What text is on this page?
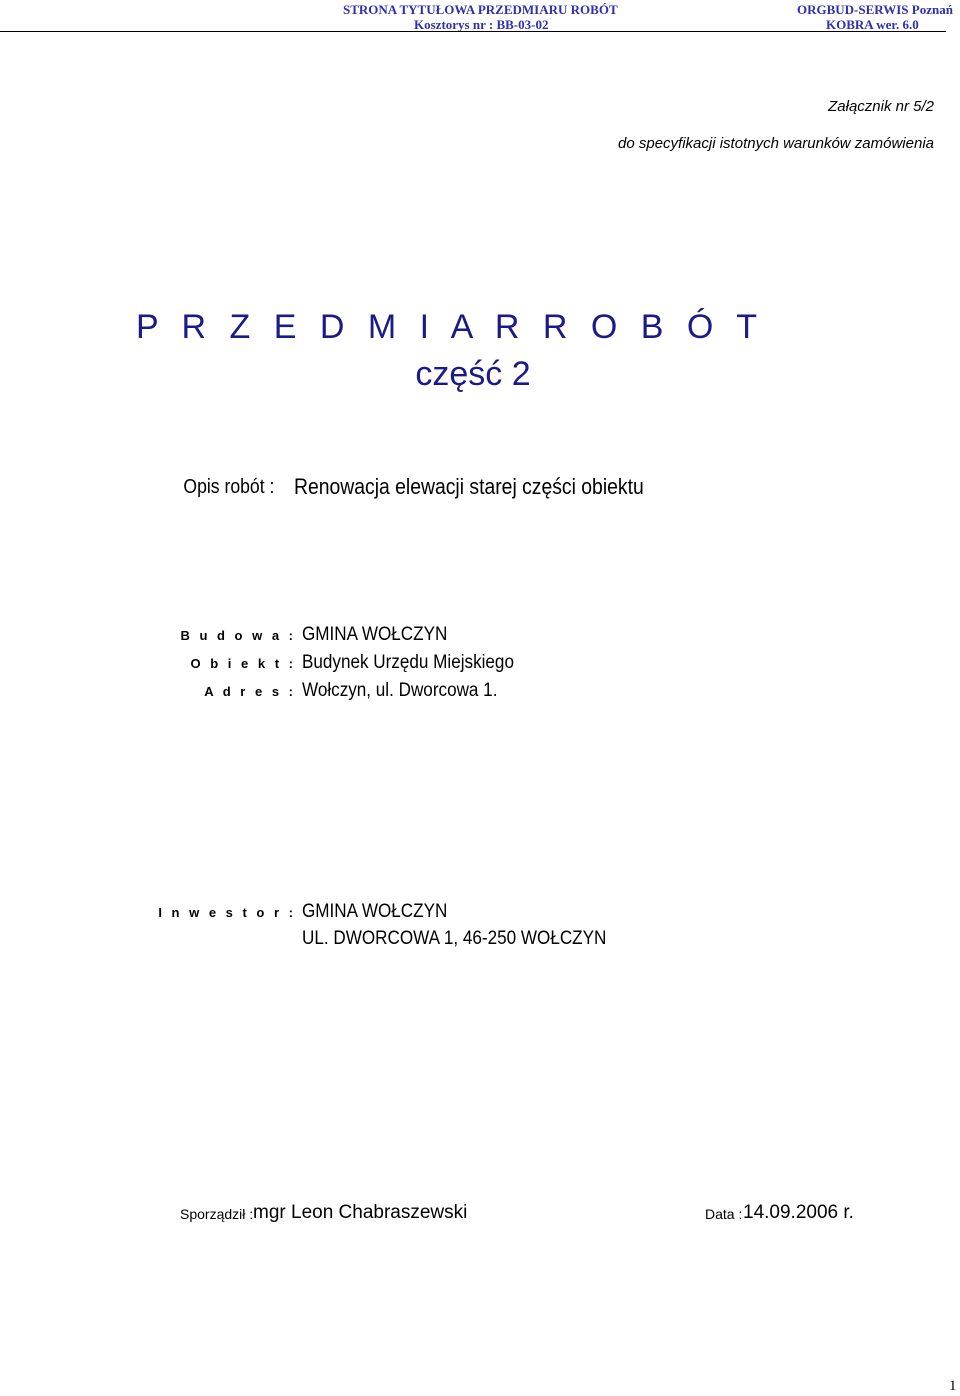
STRONA TYTUŁOWA PRZEDMIARU ROBÓT
Kosztorys nr : BB-03-02
ORGBUD-SERWIS Poznań
KOBRA wer. 6.0
Załącznik nr 5/2
do specyfikacji istotnych warunków zamówienia
P R Z E D M I A R R O B Ó T
część 2
Opis robót : Renowacja elewacji starej części obiektu
B u d o w a : GMINA WOŁCZYN
O b i e k t : Budynek Urzędu Miejskiego
A d r e s : Wołczyn, ul. Dworcowa 1.
I n w e s t o r : GMINA WOŁCZYN
UL. DWORCOWA 1, 46-250 WOŁCZYN
Sporządził : mgr Leon Chabraszewski	Data : 14.09.2006 r.
1
